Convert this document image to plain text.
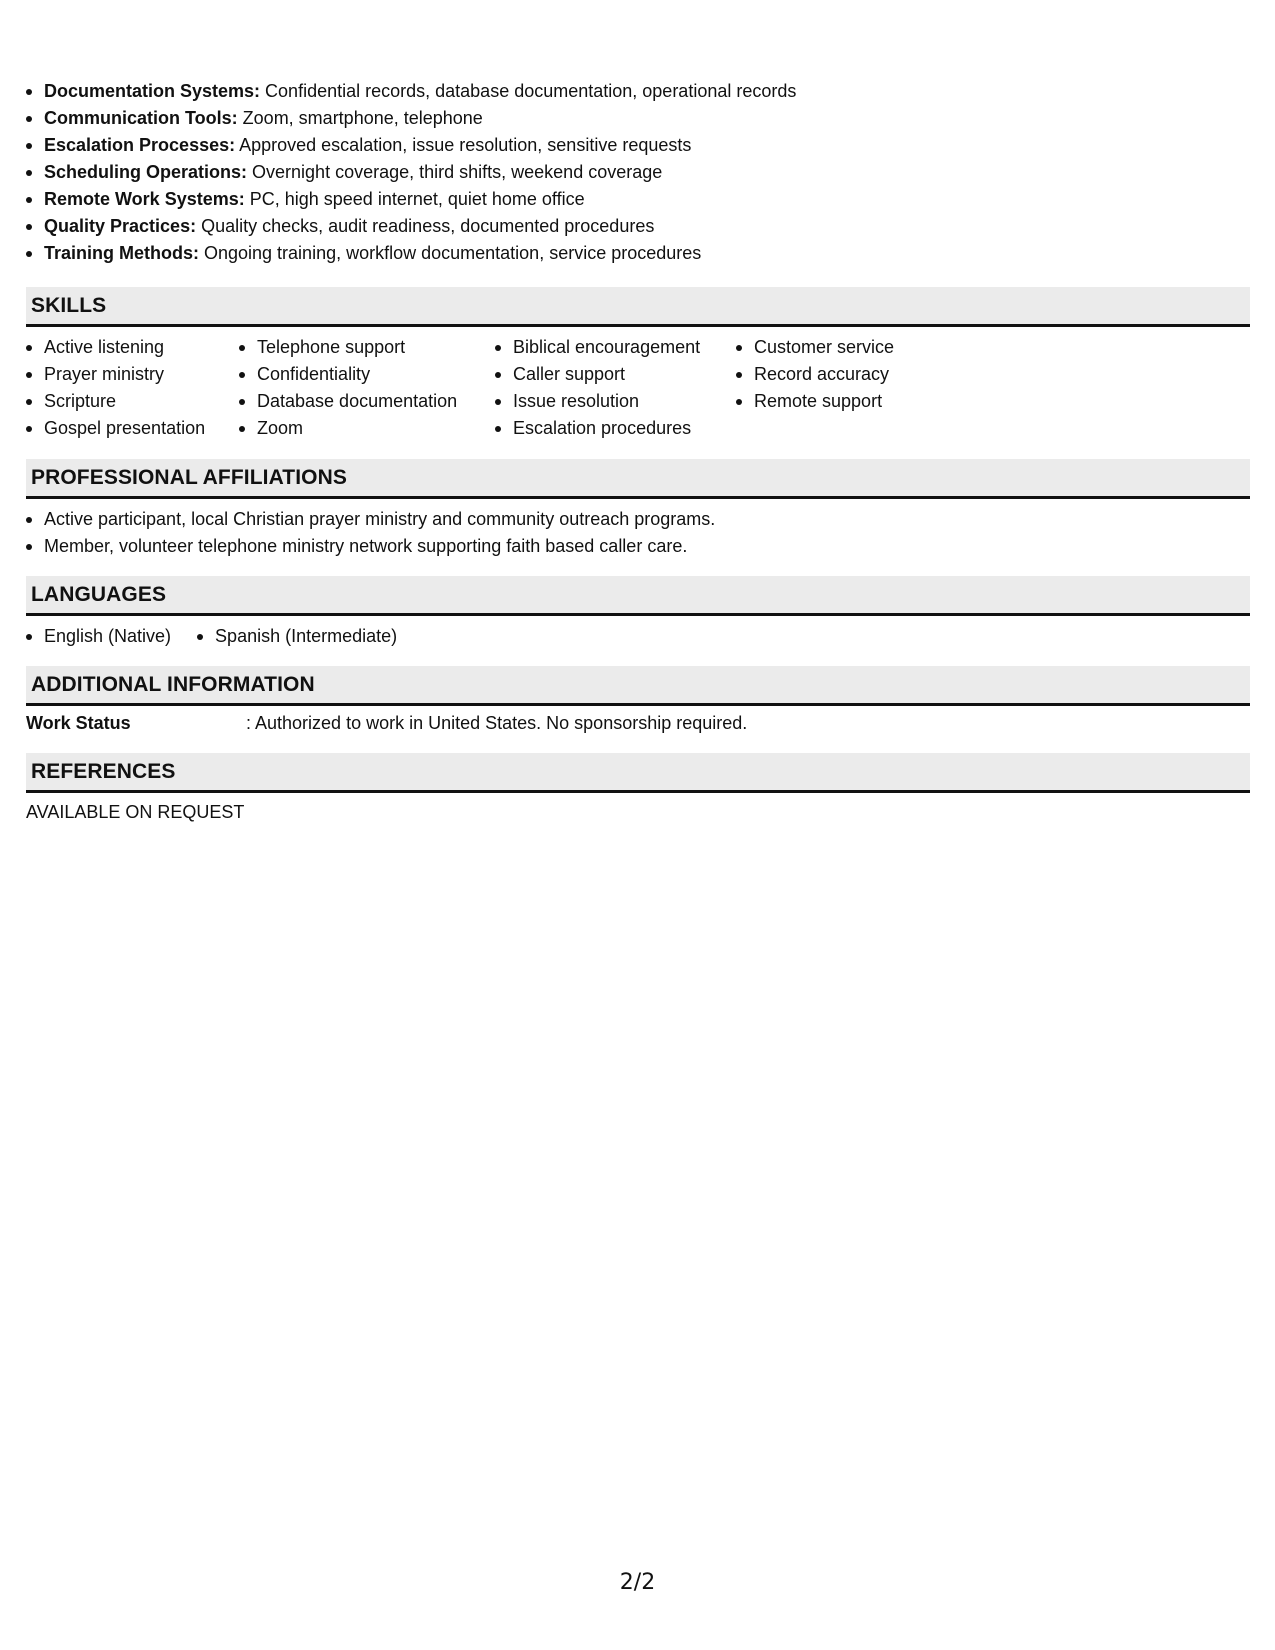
Documentation Systems: Confidential records, database documentation, operational records
Communication Tools: Zoom, smartphone, telephone
Escalation Processes: Approved escalation, issue resolution, sensitive requests
Scheduling Operations: Overnight coverage, third shifts, weekend coverage
Remote Work Systems: PC, high speed internet, quiet home office
Quality Practices: Quality checks, audit readiness, documented procedures
Training Methods: Ongoing training, workflow documentation, service procedures
SKILLS
Active listening
Prayer ministry
Scripture
Gospel presentation
Telephone support
Confidentiality
Database documentation
Zoom
Biblical encouragement
Caller support
Issue resolution
Escalation procedures
Customer service
Record accuracy
Remote support
PROFESSIONAL AFFILIATIONS
Active participant, local Christian prayer ministry and community outreach programs.
Member, volunteer telephone ministry network supporting faith based caller care.
LANGUAGES
English (Native)	Spanish (Intermediate)
ADDITIONAL INFORMATION
Work Status	: Authorized to work in United States. No sponsorship required.
REFERENCES
AVAILABLE ON REQUEST
2/2
